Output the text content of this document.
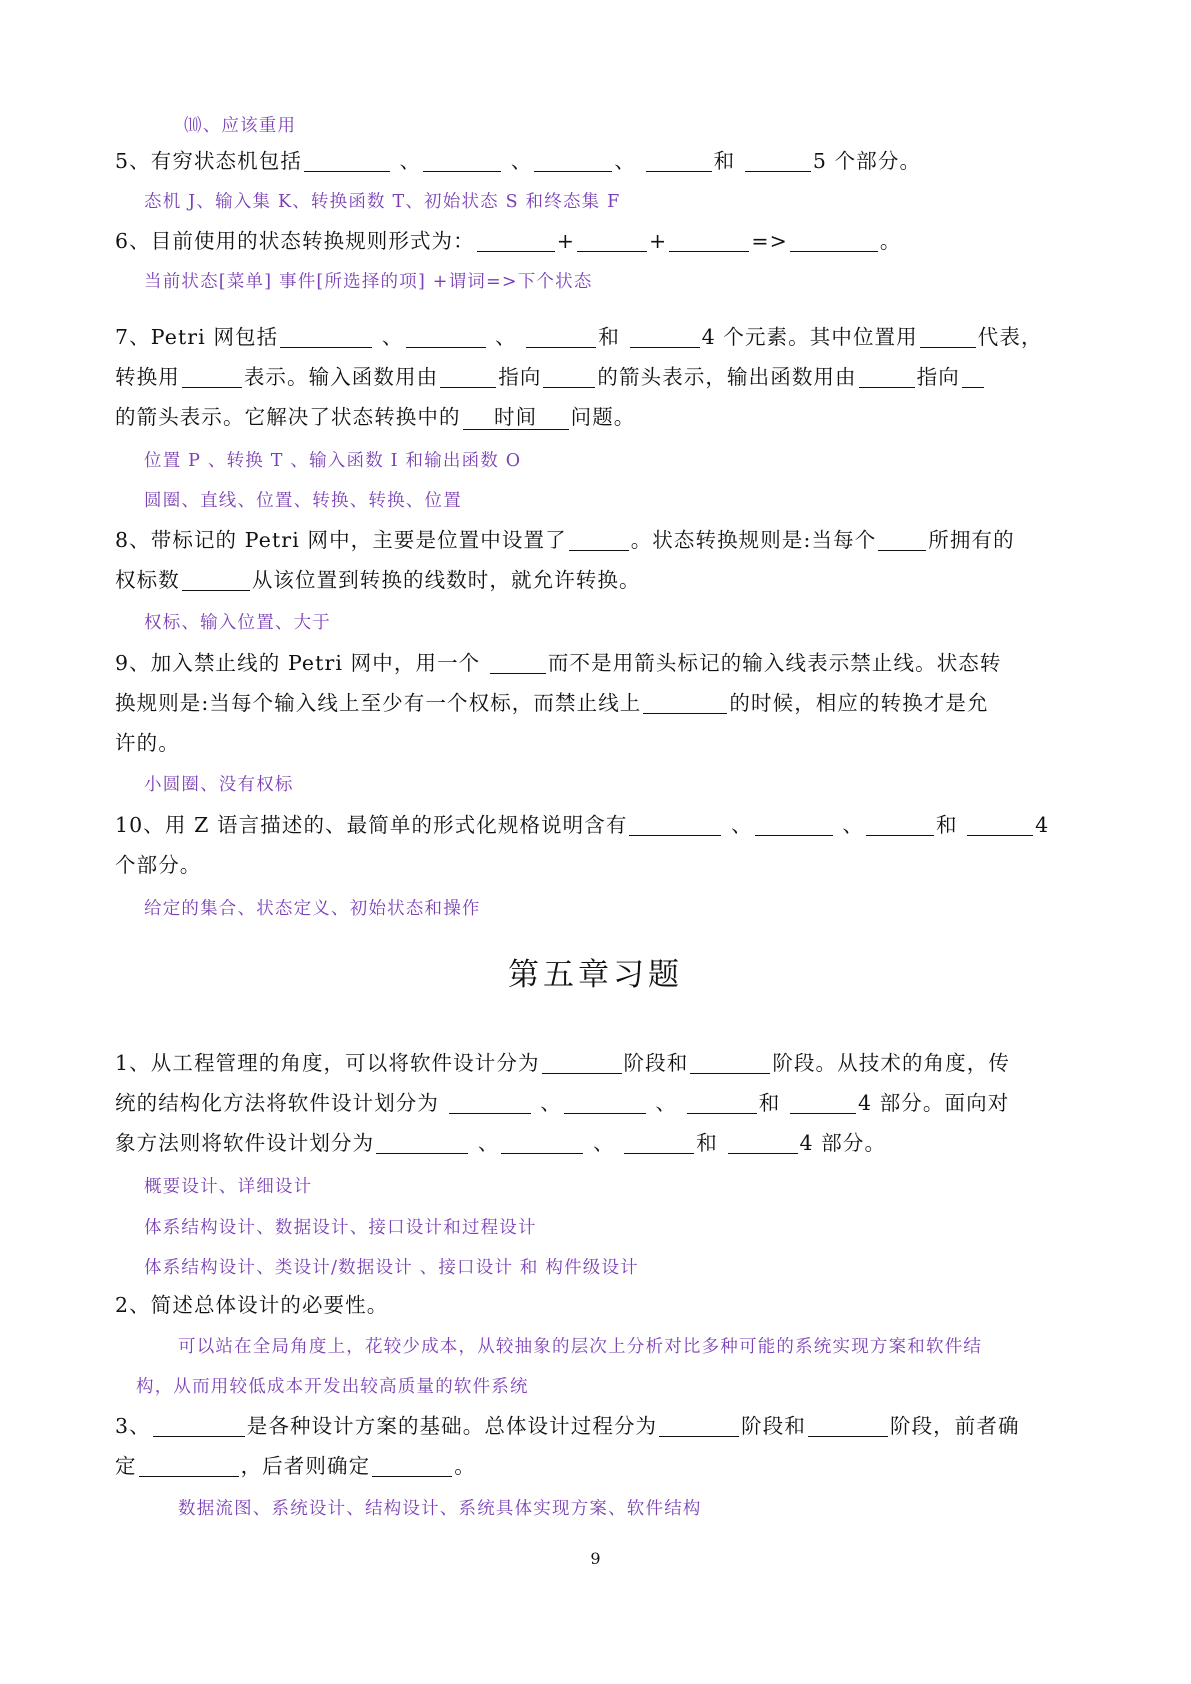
⑽、应该重用
5、有穷状态机包括	、	、	、	和	5 个部分。
态机 J、输入集 K、转换函数 T、初始状态 S 和终态集 F
6、目前使用的状态转换规则形式为：	+	+	=>	。
当前状态[菜单] 事件[所选择的项] +谓词=>下个状态
7、Petri 网包括	、	、	和	4 个元素。其中位置用	代表，
转换用	表示。输入函数用由	指向	的箭头表示，输出函数用由	指向
的箭头表示。它解决了状态转换中的 时间 问题。
位置 P 、转换 T 、输入函数 I 和输出函数 O
圆圈、直线、位置、转换、转换、位置
8、带标记的 Petri 网中，主要是位置中设置了	。状态转换规则是:当每个	所拥有的
权标数	从该位置到转换的线数时，就允许转换。
权标、输入位置、大于
9、加入禁止线的 Petri 网中，用一个	而不是用箭头标记的输入线表示禁止线。状态转
换规则是:当每个输入线上至少有一个权标，而禁止线上	的时候，相应的转换才是允
许的。
小圆圈、没有权标
10、用 Z 语言描述的、最简单的形式化规格说明含有	、	、	和	4
个部分。
给定的集合、状态定义、初始状态和操作
第五章习题
1、从工程管理的角度，可以将软件设计分为	阶段和	阶段。从技术的角度，传
统的结构化方法将软件设计划分为	、	、	和	4 部分。面向对
象方法则将软件设计划分为	、	、	和	4 部分。
概要设计、详细设计
体系结构设计、数据设计、接口设计和过程设计
体系结构设计、类设计/数据设计 、接口设计 和 构件级设计
2、简述总体设计的必要性。
可以站在全局角度上，花较少成本，从较抽象的层次上分析对比多种可能的系统实现方案和软件结
构，从而用较低成本开发出较高质量的软件系统
3、	是各种设计方案的基础。总体设计过程分为	阶段和	阶段，前者确
定	，后者则确定	。
数据流图、系统设计、结构设计、系统具体实现方案、软件结构
9
